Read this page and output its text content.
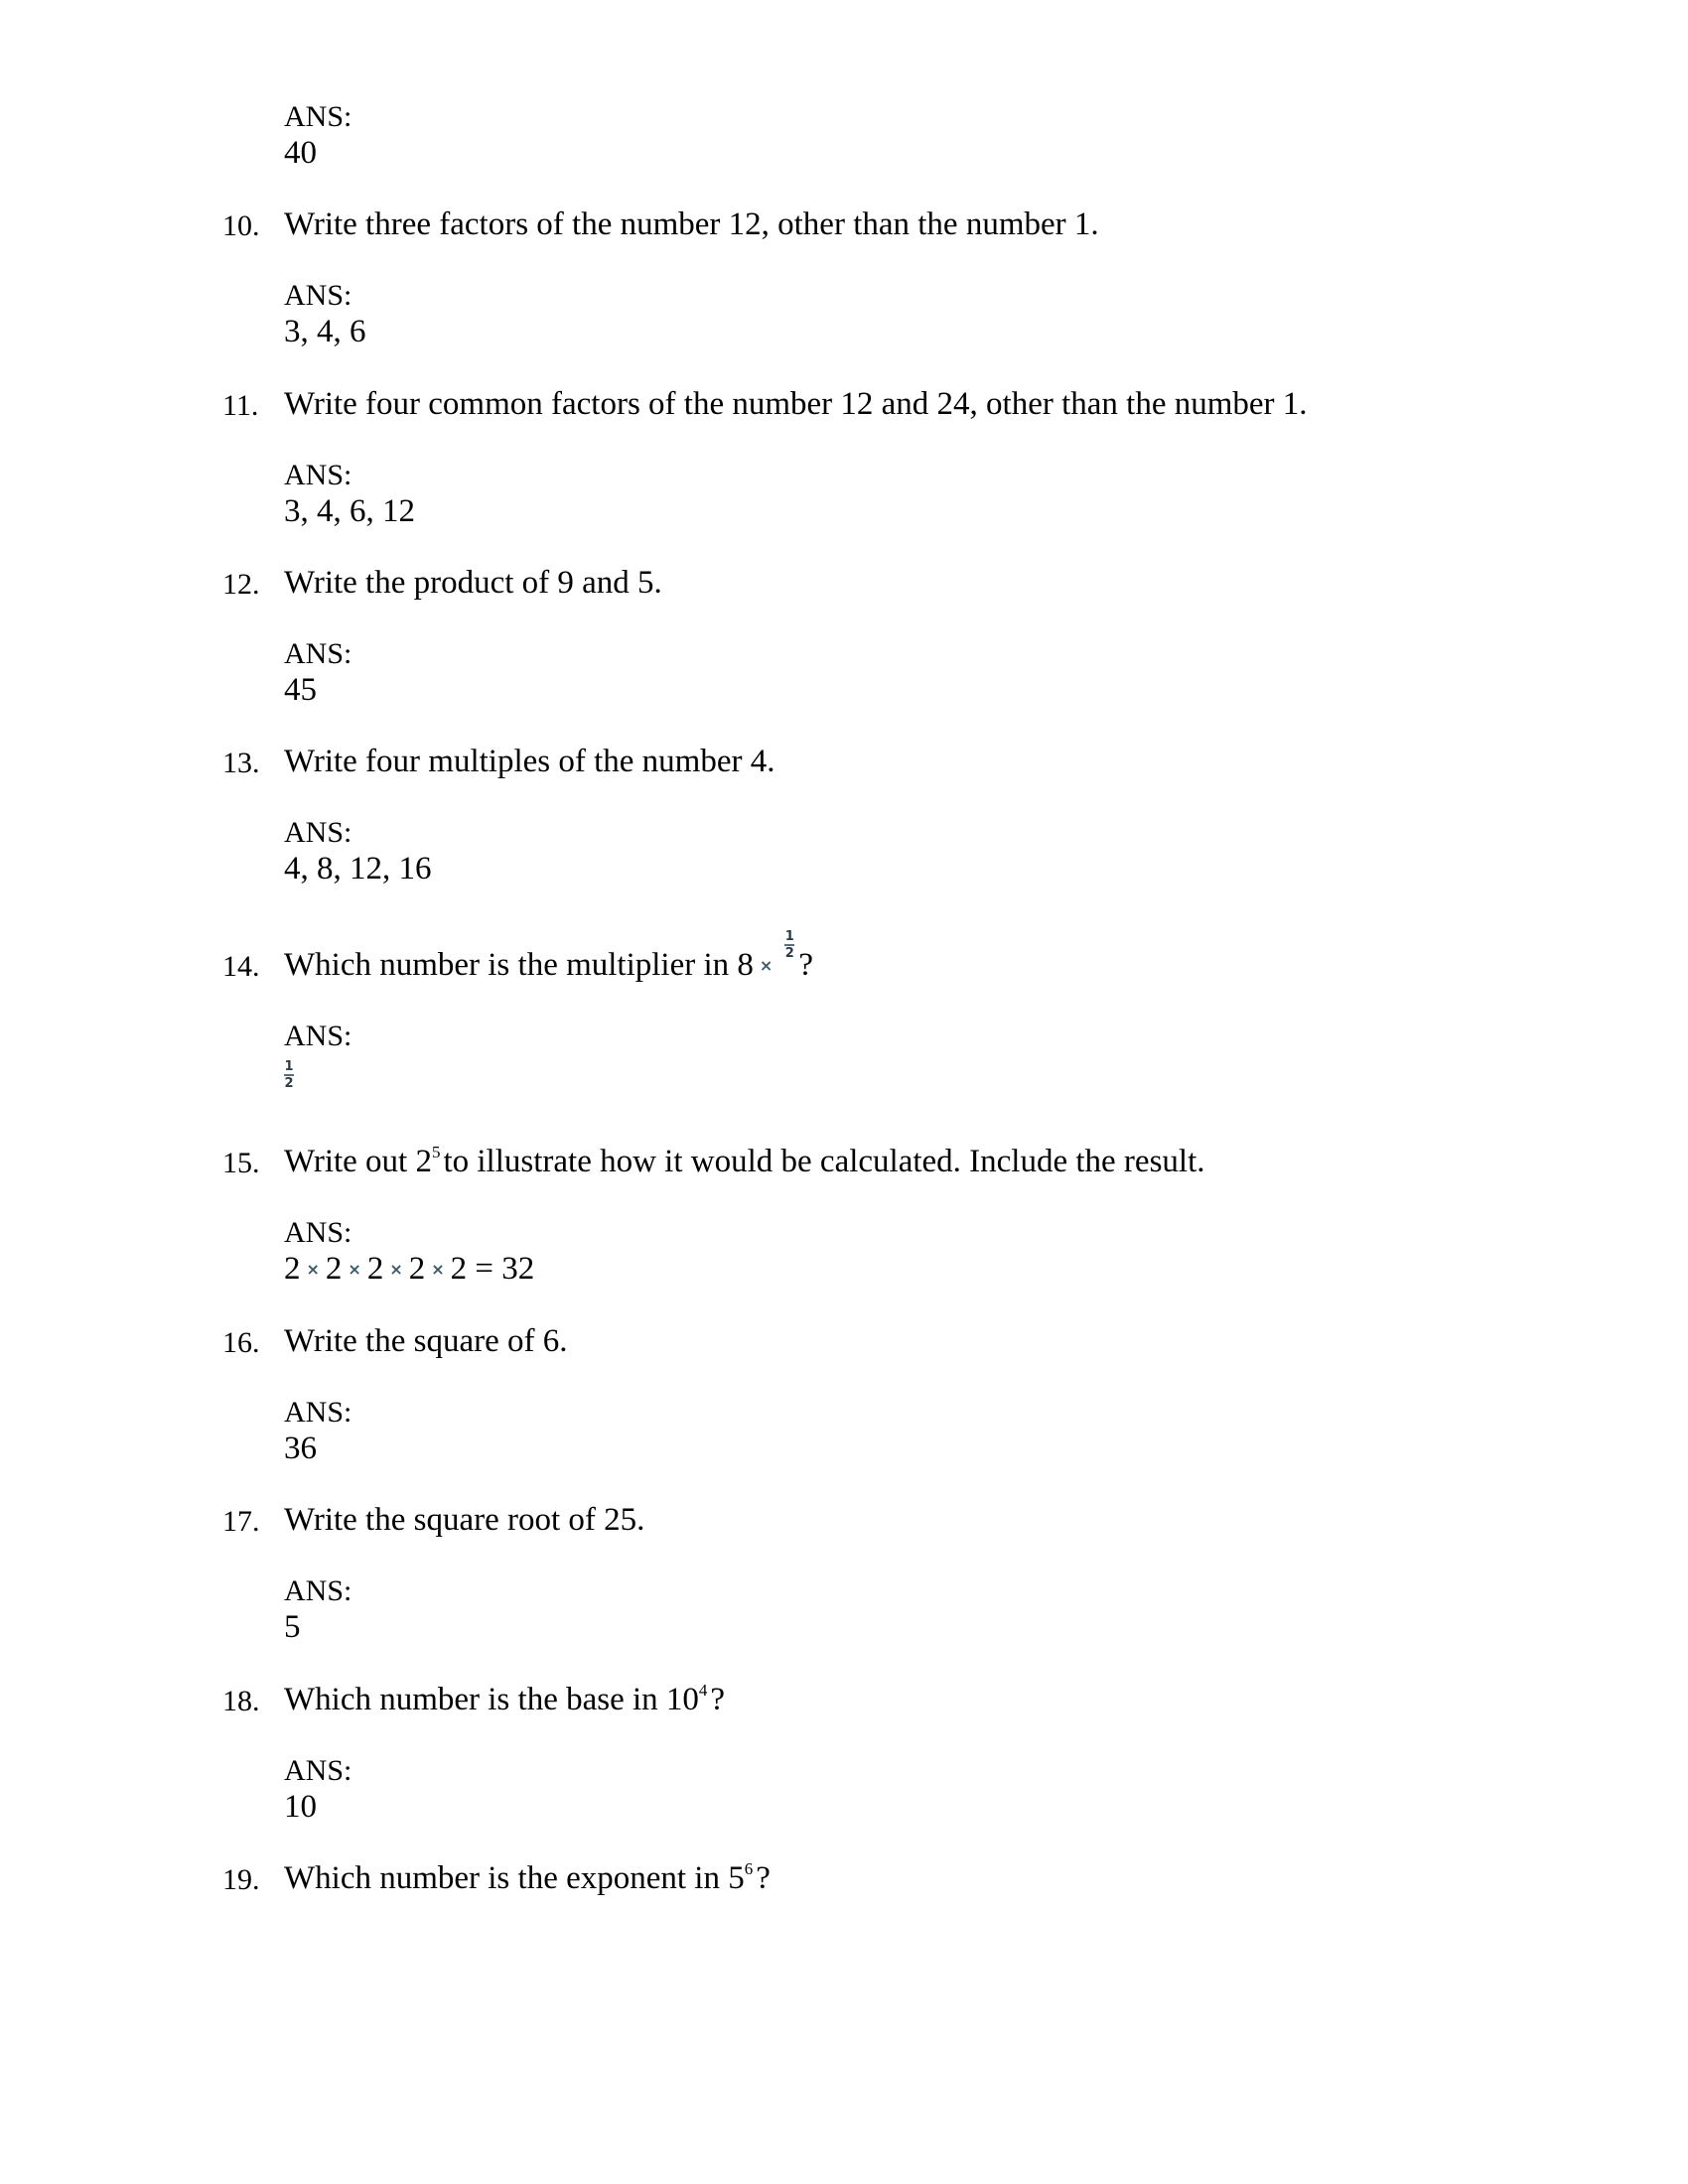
ANS:
40
10. Write three factors of the number 12, other than the number 1.
ANS:
3, 4, 6
11. Write four common factors of the number 12 and 24, other than the number 1.
ANS:
3, 4, 6, 12
12. Write the product of 9 and 5.
ANS:
45
13. Write four multiples of the number 4.
ANS:
4, 8, 12, 16
14. Which number is the multiplier in 8 ×
$\frac{1}{2}$
?
ANS:
$\frac{1}{2}$
15. Write out $2^5to$ illustrate how it would be calculated. Include the result.
ANS:
2 × 2 × 2 × 2 × 2 = 32
16. Write the square of 6.
ANS:
36
17. Write the square root of 25.
ANS:
5
18. Which number is the base in $10^4$?
ANS:
10
19. Which number is the exponent in $5^6$?
